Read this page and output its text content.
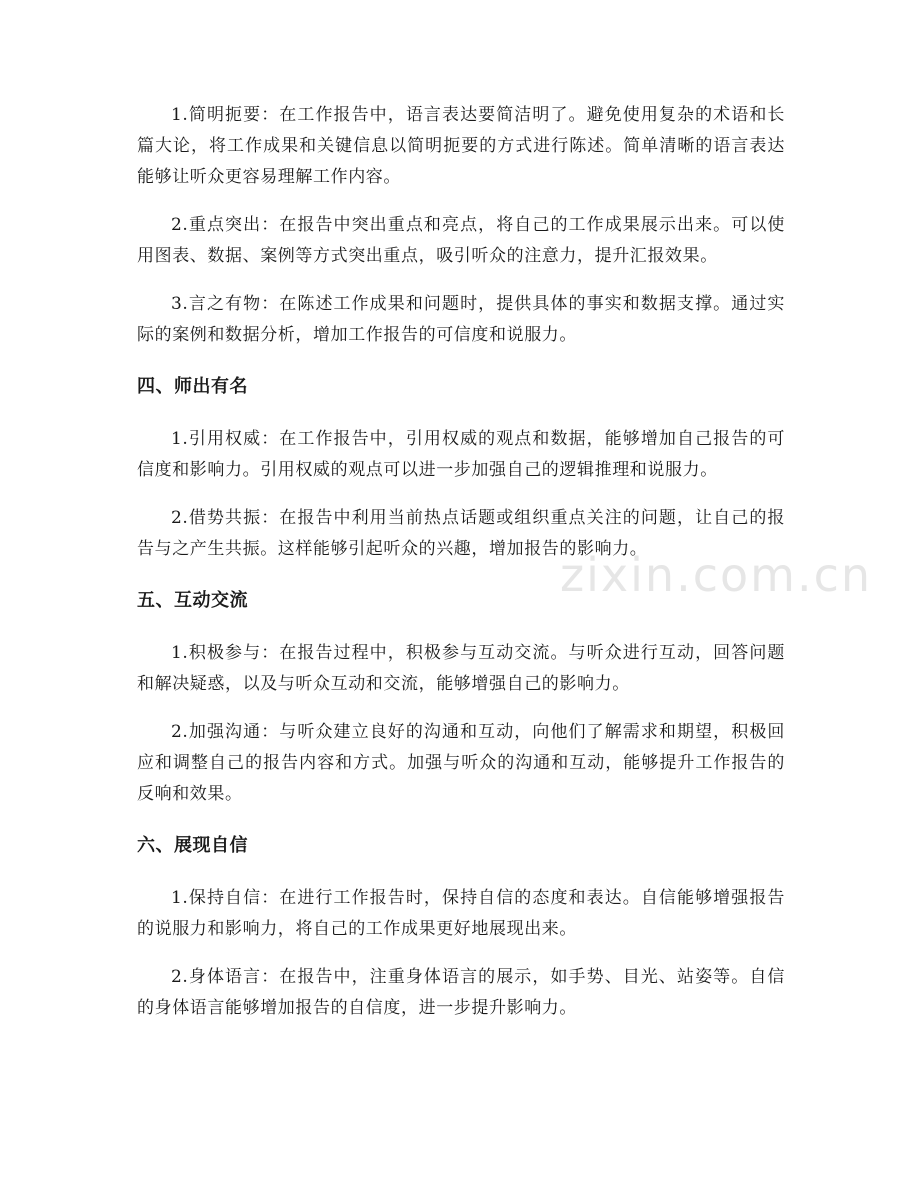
zixin.com.cn

1.简明扼要：在工作报告中，语言表达要简洁明了。避免使用复杂的术语和长篇大论，将工作成果和关键信息以简明扼要的方式进行陈述。简单清晰的语言表达能够让听众更容易理解工作内容。

2.重点突出：在报告中突出重点和亮点，将自己的工作成果展示出来。可以使用图表、数据、案例等方式突出重点，吸引听众的注意力，提升汇报效果。

3.言之有物：在陈述工作成果和问题时，提供具体的事实和数据支撑。通过实际的案例和数据分析，增加工作报告的可信度和说服力。

四、师出有名

1.引用权威：在工作报告中，引用权威的观点和数据，能够增加自己报告的可信度和影响力。引用权威的观点可以进一步加强自己的逻辑推理和说服力。

2.借势共振：在报告中利用当前热点话题或组织重点关注的问题，让自己的报告与之产生共振。这样能够引起听众的兴趣，增加报告的影响力。

五、互动交流

1.积极参与：在报告过程中，积极参与互动交流。与听众进行互动，回答问题和解决疑惑，以及与听众互动和交流，能够增强自己的影响力。

2.加强沟通：与听众建立良好的沟通和互动，向他们了解需求和期望，积极回应和调整自己的报告内容和方式。加强与听众的沟通和互动，能够提升工作报告的反响和效果。

六、展现自信

1.保持自信：在进行工作报告时，保持自信的态度和表达。自信能够增强报告的说服力和影响力，将自己的工作成果更好地展现出来。

2.身体语言：在报告中，注重身体语言的展示，如手势、目光、站姿等。自信的身体语言能够增加报告的自信度，进一步提升影响力。
